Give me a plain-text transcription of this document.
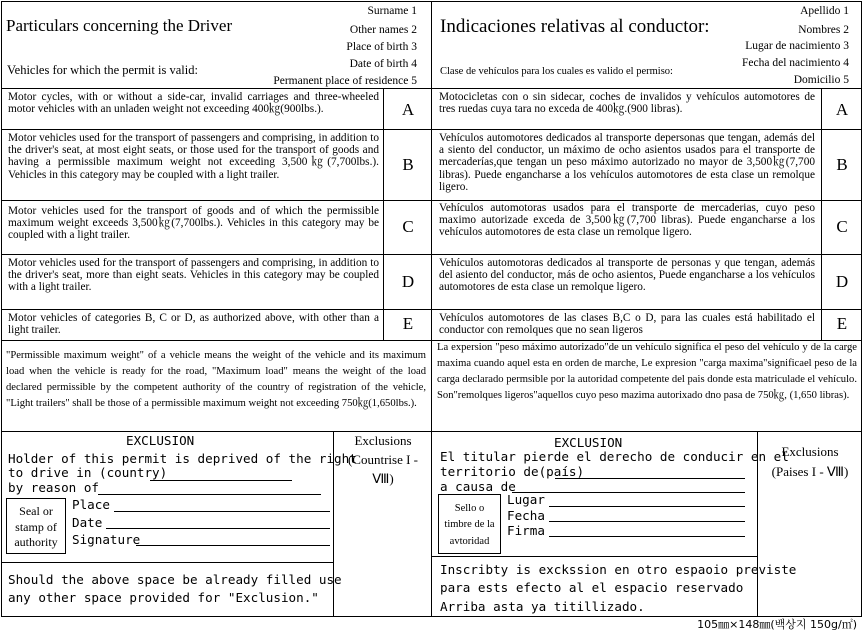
Particulars concerning the Driver
Surname 1
Other names 2
Place of birth 3
Date of birth 4
Permanent place of residence 5
Vehicles for which the permit is valid:
Indicaciones relativas al conductor:
Apellido 1
Nombres 2
Lugar de nacimiento 3
Fecha del nacimiento 4
Domicilio 5
Clase de vehículos para los cuales es valido el permiso:
Motor cycles, with or without a side-car, invalid carriages and three-wheeled motor vehicles with an unladen weight not exceeding 400㎏(900lbs.).	A
Motocicletas con o sin sidecar, coches de invalidos y vehículos automotores de tres ruedas cuya tara no exceda de 400㎏.(900 libras).	A
Motor vehicles used for the transport of passengers and comprising, in addition to the driver's seat, at most eight seats, or those used for the transport of goods and having a permissible maximum weight not exceeding 3,500㎏(7,700lbs.). Vehicles in this category may be coupled with a light trailer.
B
Vehículos automotores dedicados al transporte depersonas que tengan, además del a siento del conductor, un máximo de ocho asientos usados para el transporte de mercaderías,que tengan un peso máximo autorizado no mayor de 3,500㎏(7,700 libras). Puede engancharse a los vehículos automotores de esta clase un remolque ligero.
B
Motor vehicles used for the transport of goods and of which the permissible maximum weight exceeds 3,500㎏(7,700lbs.). Vehicles in this category may be coupled with a light trailer.	C
Vehículos automotoras usados para el transporte de mercaderias, cuyo peso maximo autorizade exceda de 3,500㎏(7,700 libras). Puede engancharse a los vehículos automotores de esta clase un remolque ligero.	C
Motor vehicles used for the transport of passengers and comprising, in addition to the driver's seat, more than eight seats. Vehicles in this category may be coupled with a light trailer.	D
Vehículos automotoras dedicados al transporte de personas y que tengan, además del asiento del conductor, más de ocho asientos, Puede engancharse a los vehículos automotores de esta clase un remolque ligero.	D
Motor vehicles of categories B, C or D, as authorized above, with other than a light trailer.	E	Vehículos automotores de las clases B,C o D, para las cuales está habilitado el conductor con remolques que no sean ligeros	E
"Permissible maximum weight" of a vehicle means the weight of the vehicle and its maximum load when the vehicle is ready for the road, "Maximum load" means the weight of the load declared permissible by the competent authority of the country of registration of the vehicle, "Light trailers" shall be those of a permissible maximum weight not exceeding 750㎏(1,650lbs.).
La expersion "peso máximo autorizado"de un vehículo significa el peso del vehículo y de la carge maxima cuando aquel esta en orden de marche, Le expresion "carga maxima"significael peso de la carga declarado permsible por la autoridad competente del pais donde esta matriculade el vehículo. Son"remolques ligeros"aquellos cuyo peso mazima autorixado dno pasa de 750㎏, (1,650 libras).
EXCLUSION
Holder of this permit is deprived of the right
to drive in (country)
by reason of
Seal or
stamp of
authority
Place
Date
Signature
Should the above space be already filled use
any other space provided for "Exclusion."
Exclusions
(Countrise I -
Ⅷ)
EXCLUSION
El titular pierde el derecho de conducir en el
territorio de(país)
a causa de
Sello o
timbre de la
avtoridad
Lugar
Fecha
Firma
Inscribty is exckssion en otro espaoio previste
para ests efecto al el espacio reservado
Arriba asta ya titillizado.
Exclusions
(Paises I - Ⅷ)
105㎜×148㎜(백상지 150g/㎡)
